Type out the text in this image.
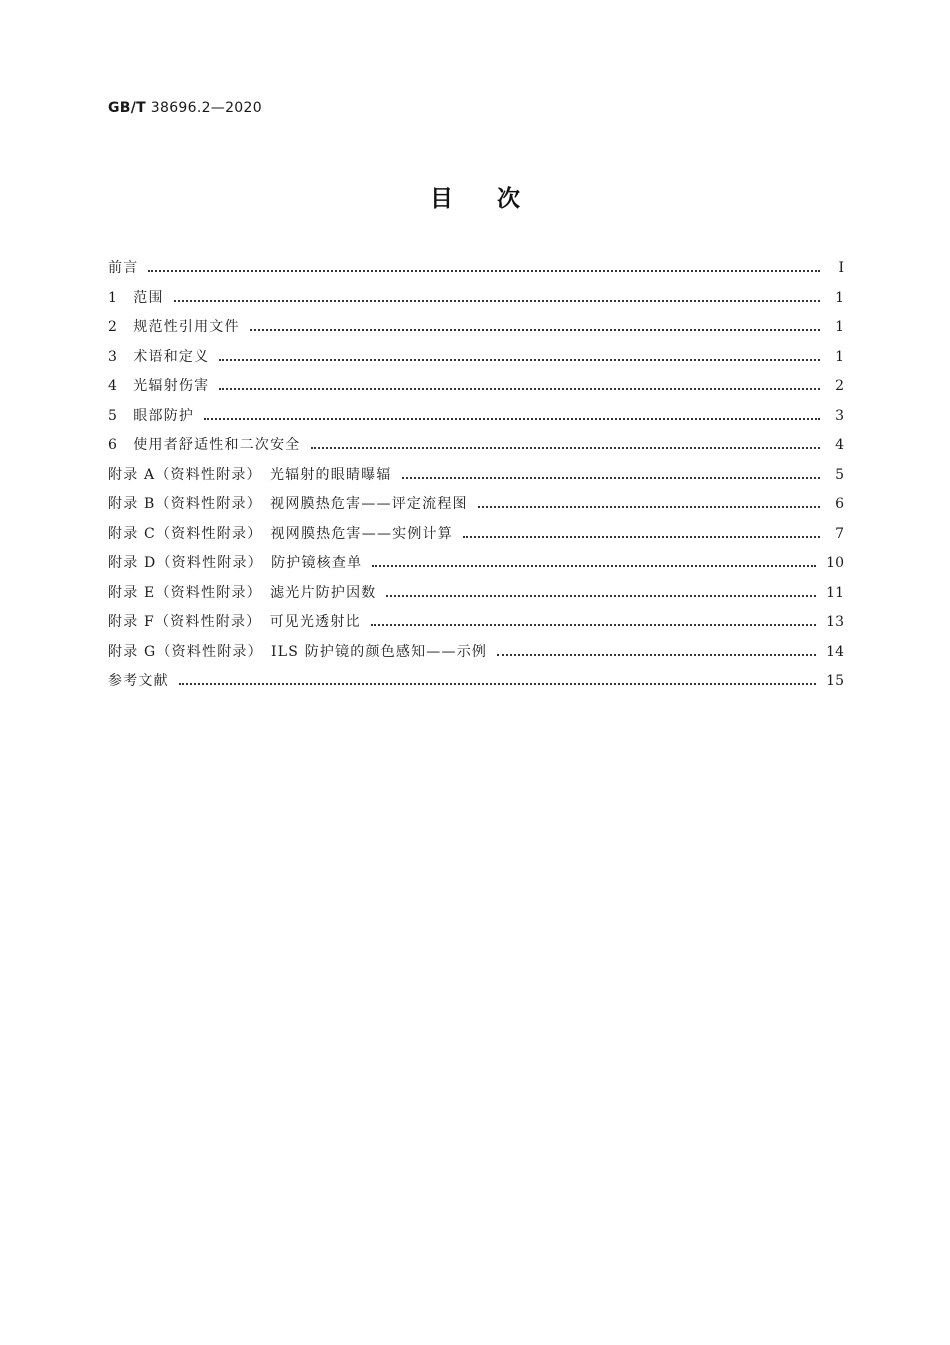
GB/T 38696.2—2020
目次
前言	Ⅰ
1　范围	1
2　规范性引用文件	1
3　术语和定义	1
4　光辐射伤害	2
5　眼部防护	3
6　使用者舒适性和二次安全	4
附录 A（资料性附录）　光辐射的眼睛曝辐	5
附录 B（资料性附录）　视网膜热危害——评定流程图	6
附录 C（资料性附录）　视网膜热危害——实例计算	7
附录 D（资料性附录）　防护镜核查单	10
附录 E（资料性附录）　滤光片防护因数	11
附录 F（资料性附录）　可见光透射比	13
附录 G（资料性附录）　ILS 防护镜的颜色感知——示例	14
参考文献	15
